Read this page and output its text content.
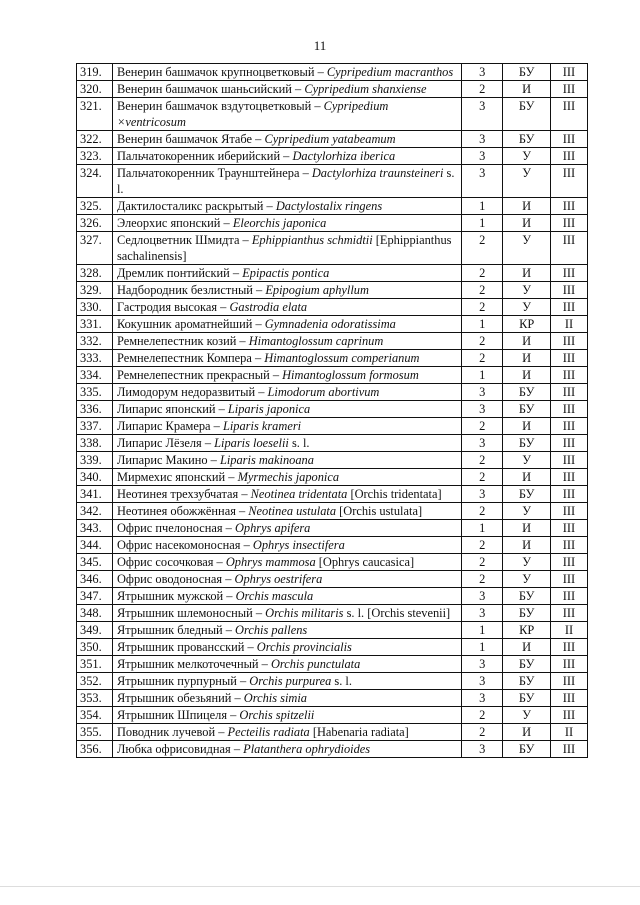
11
319.	Венерин башмачок крупноцветковый – Cypripedium macranthos	3	БУ	III
320.	Венерин башмачок шаньсийский – Cypripedium shanxiense	2	И	III
321.	Венерин башмачок вздутоцветковый – Cypripedium ×ventricosum	3	БУ	III
322.	Венерин башмачок Ятабе – Cypripedium yatabeamum	3	БУ	III
323.	Пальчатокоренник иберийский – Dactylorhiza iberica	3	У	III
324.	Пальчатокоренник Траунштейнера – Dactylorhiza traunsteineri s. l.	3	У	III
325.	Дактилосталикс раскрытый – Dactylostalix ringens	1	И	III
326.	Элеорхис японский – Eleorchis japonica	1	И	III
327.	Седлоцветник Шмидта – Ephippianthus schmidtii [Ephippianthus sachalinensis]	2	У	III
328.	Дремлик понтийский – Epipactis pontica	2	И	III
329.	Надбородник безлистный – Epipogium aphyllum	2	У	III
330.	Гастродия высокая – Gastrodia elata	2	У	III
331.	Кокушник ароматнейший – Gymnadenia odoratissima	1	КР	II
332.	Ремнелепестник козий – Himantoglossum caprinum	2	И	III
333.	Ремнелепестник Компера – Himantoglossum comperianum	2	И	III
334.	Ремнелепестник прекрасный – Himantoglossum formosum	1	И	III
335.	Лимодорум недоразвитый – Limodorum abortivum	3	БУ	III
336.	Липарис японский – Liparis japonica	3	БУ	III
337.	Липарис Крамера – Liparis krameri	2	И	III
338.	Липарис Лёзеля – Liparis loeselii s. l.	3	БУ	III
339.	Липарис Макино – Liparis makinoana	2	У	III
340.	Мирмехис японский – Myrmechis japonica	2	И	III
341.	Неотинея трехзубчатая – Neotinea tridentata [Orchis tridentata]	3	БУ	III
342.	Неотинея обожжённая – Neotinea ustulata [Orchis ustulata]	2	У	III
343.	Офрис пчелоносная – Ophrys apifera	1	И	III
344.	Офрис насекомоносная – Ophrys insectifera	2	И	III
345.	Офрис сосочковая – Ophrys mammosa [Ophrys caucasica]	2	У	III
346.	Офрис оводоносная – Ophrys oestrifera	2	У	III
347.	Ятрышник мужской – Orchis mascula	3	БУ	III
348.	Ятрышник шлемоносный – Orchis militaris s. l. [Orchis stevenii]	3	БУ	III
349.	Ятрышник бледный – Orchis pallens	1	КР	II
350.	Ятрышник провансский – Orchis provincialis	1	И	III
351.	Ятрышник мелкоточечный – Orchis punctulata	3	БУ	III
352.	Ятрышник пурпурный – Orchis purpurea s. l.	3	БУ	III
353.	Ятрышник обезьяний – Orchis simia	3	БУ	III
354.	Ятрышник Шпицеля – Orchis spitzelii	2	У	III
355.	Поводник лучевой – Pecteilis radiata [Habenaria radiata]	2	И	II
356.	Любка офрисовидная – Platanthera ophrydioides	3	БУ	III
